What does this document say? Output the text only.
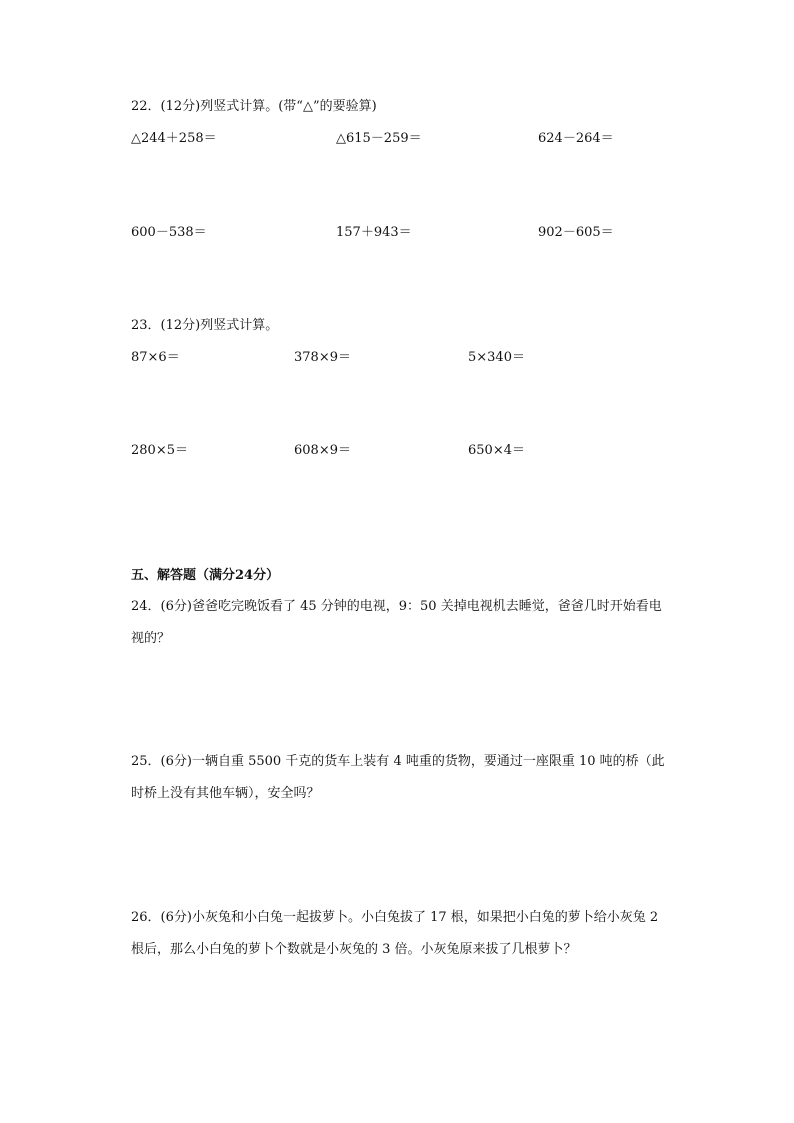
22．(12分)列竖式计算。(带“△”的要验算)
△244＋258＝	△615－259＝	624－264＝
600－538＝	157＋943＝	902－605＝
23．(12分)列竖式计算。
87×6＝	378×9＝	5×340＝
280×5＝	608×9＝	650×4＝
五、解答题（满分24分）
24．(6分)爸爸吃完晚饭看了 45 分钟的电视，9：50 关掉电视机去睡觉，爸爸几时开始看电视的？
25．(6分)一辆自重 5500 千克的货车上装有 4 吨重的货物，要通过一座限重 10 吨的桥（此时桥上没有其他车辆），安全吗？
26．(6分)小灰兔和小白兔一起拔萝卜。小白兔拔了 17 根，如果把小白兔的萝卜给小灰兔 2 根后，那么小白兔的萝卜个数就是小灰兔的 3 倍。小灰兔原来拔了几根萝卜？
